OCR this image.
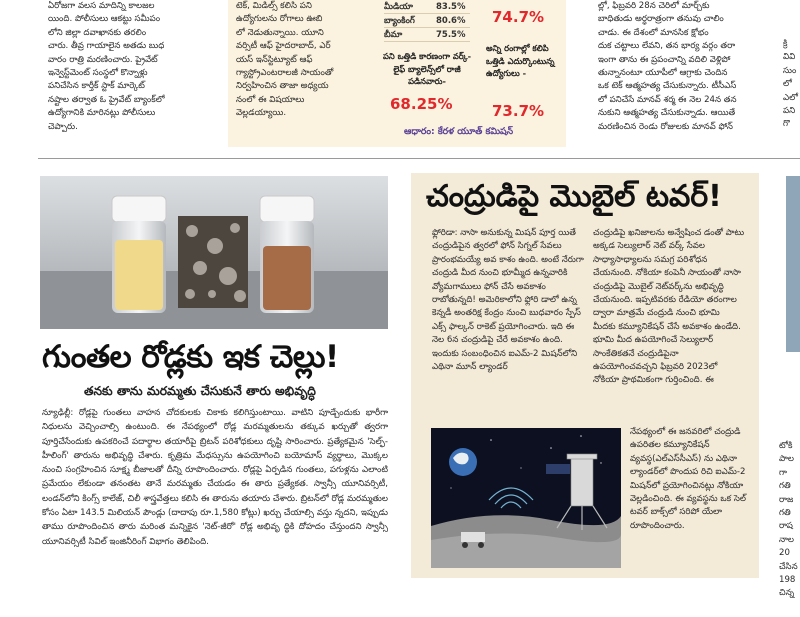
ఏరోజగా వలస మాదిన్ని కాలజల

యింది. పోలీసులు ఆకట్టు సమీపం

లోని జిల్లా దవాఖానకు తరలిం

చారు. తీవ్ర గాయాలైన అతడు బుధ

వారం రాత్రి మరణించారు. ప్రైవేట్

ఇన్వెస్ట్‌మెంట్ సంస్థలో కొన్నాళ్లు

పనిచేసిన కార్తీక్ స్టాక్ మార్కెట్

నష్టాల తర్వాత ఓ ప్రైవేట్ బ్యాంక్‌లో

ఉద్యోగానికి మారినట్లు పోలీసులు

చెప్పారు.

టెక్, మిడిల్స్ కలిసి పని

ఉద్యోగులను రోగాలు ఊబి

లో నెడుతున్నాయి. యూని

వర్సిటీ ఆఫ్ హైదరాబాద్, ఎర్

యస్ ఇన్‌స్టిట్యూట్ ఆఫ్

గ్యాస్ట్రోఎంటరాలజీ సాయంతో

నిర్వహించిన తాజా అధ్యయ

నంలో ఈ విషయాలు

వెల్లడయ్యాయి.

మీడియా	83.5%
బ్యాంకింగ్ 80.6%
బీమా	75.5%
పని ఒత్తిడి కారణంగా వర్క్-లైఫ్ బ్యాలెన్స్‌లో రాజీ పడినవారు-
68.25%
74.7%
అన్ని రంగాల్లో కలిపి ఒత్తిడి ఎదుర్కొంటున్న ఉద్యోగులు -
73.7%
ఆధారం: కేరళ యూత్ కమిషన్

ల్లో, ఫిబ్రవరి 28న చెరిలో మార్చ్‌కు

బాధితుడు అర్ధరాత్రంగా తనువు చాలిం

చాడు. ఈ దేశంలో మానసిక క్షోభం

దుక చట్టాలు లేవని, తన భార్య వర్గం తరా

ఇంగా తాను ఈ ప్రపంచాన్ని వదిలి వెళ్లిపో

తున్నానంటూ యూపీలో ఆగ్రాకు చెందిన

ఒక టెక్ ఆత్మహత్య చేసుకున్నారు. టీసీఎస్

లో పనిచేసే మానవ్ శర్మ ఈ నెల 24న తన

నుకుని ఆత్మహత్య చేసుకున్నాడు. ఆయితే

మరణించిన రెండు రోజులకు మానవ్ ఫోన్

క్రి

వివి

సుం

లో

ఎలో

పని

గొ

గుంతల రోడ్లకు ఇక చెల్లు!
తనకు తాను మరమ్మతు చేసుకునే తారు అభివృద్ధి

న్యూఢిల్లీ: రోడ్లపై గుంతలు వాహన చోదకులకు చికాకు కలిగిస్తుంటాయి. వాటిని పూడ్చేందుకు భారీగా నిధులను వెచ్చించాల్సి ఉంటుంది. ఈ నేపథ్యంలో రోడ్ల మరమ్మతులను తక్కువ ఖర్చుతో త్వరగా పూర్తిచేసేందుకు ఉపకరించే పదార్థాల తయారీపై బ్రిటన్ పరిశోధకులు దృష్టి సారించారు. ప్రత్యేకమైన 'సెల్ఫ్-హీలింగ్' తారును అభివృద్ధి చేశారు. కృత్రిమ మేధస్సును ఉపయోగించి బయోమాస్ వ్యర్థాలు, మొక్కల నుంచి సంగ్రహించిన సూక్ష్మ బీజాలతో దీన్ని రూపొందించారు. రోడ్లపై ఏర్పడిన గుంతలు, పగుళ్లను ఎలాంటి ప్రమేయం లేకుండా తనంతట తానే మరమ్మతు చేయడం ఈ తారు ప్రత్యేకత. స్వాన్సీ యూనివర్సిటీ, లండన్‌లోని కింగ్స్ కాలేజ్, చిలీ శాస్త్రవేత్తలు కలిసి ఈ తారును తయారు చేశారు. బ్రిటన్‌లో రోడ్ల మరమ్మతుల కోసం ఏటా 143.5 మిలియన్ పౌండ్లు (దాదాపు రూ.1,580 కోట్లు) ఖర్చు చేయాల్సి వస్తు న్నదని, ఇప్పుడు తాము రూపొందించిన తారు మరింత మన్నికైన 'నెట్-జీరో' రోడ్ల అభివృ ద్ధికి దోహదం చేస్తుందని స్వాన్సీ యూనివర్సిటీ సివిల్ ఇంజినీరింగ్ విభాగం తెలిపింది.

చంద్రుడిపై మొబైల్ టవర్!

ఫ్లోరిడా: నాసా అనుకున్న మిషన్ పూర్త యితే చంద్రుడిపైన త్వరలో ఫోన్ సిగ్నల్ సేవలు ప్రారంభమయ్యే అవ కాశం ఉంది. అంటే నేరుగా చంద్రుడి మీద నుంచి భూమ్మీద ఉన్నవారికి వ్యోమగాములు ఫోన్ చేసే అవకాశం రాబోతున్నది! అమెరికాలోని ఫ్లోరి డాలో ఉన్న కెన్నడీ అంతరిక్ష కేంద్రం నుంచి బుధవారం స్పేస్ ఎక్స్ ఫాల్కన్ రాకెట్ ప్రయోగించారు. ఇది ఈ నెల 6న చంద్రుడిపై చేరే అవకాశం ఉంది. ఇందుకు సంబంధించిన ఐఎమ్-2 మిషన్‌లోని ఎథినా మూన్ ల్యాండర్

చంద్రుడిపై ఖనిజాలను అన్వేషించ డంతో పాటు అక్కడ సెల్యులార్ నెట్ వర్క్ సేవల సాధ్యాసాధ్యాలను సమగ్ర పరిశోధన చేయనుంది. నోకియా కంపెనీ సాయంతో నాసా చంద్రుడిపై మొబైల్ నెట్‌వర్క్‌ను అభివృద్ధి చేయనుంది. ఇప్పటివరకు రేడియో తరంగాల ద్వారా మాత్రమే చంద్రుడి నుంచి భూమి మీదకు కమ్యూనికేషన్ చేసే అవకాశం ఉండేది. భూమి మీద ఉపయోగించే సెల్యులార్ సాంకేతికతనే చంద్రుడిపైనా ఉపయోగించవచ్చని ఫిబ్రవరి 2023లో నోకియా ప్రాథమికంగా గుర్తించింది. ఈ

నేపథ్యంలో ఈ జనవరిలో చంద్రుడి ఉపరితల కమ్యూనికేషన్ వ్యవస్థ(ఎల్ఎస్‌సీఎస్) ను ఎథినా ల్యాండర్‌లో పొందుప రిచి ఐఎమ్-2 మిషన్‌లో ప్రయోగించినట్లు నోకియా వెల్లడించింది. ఈ వ్యవస్థను ఒక సెల్ టవర్ బాక్స్‌లో సరిపో యేలా రూపొందించారు.

టోకి

పాల

గా

గతి

రాజ

గతి

రాష

నాల

20

చేసిన

198

చిన్న
